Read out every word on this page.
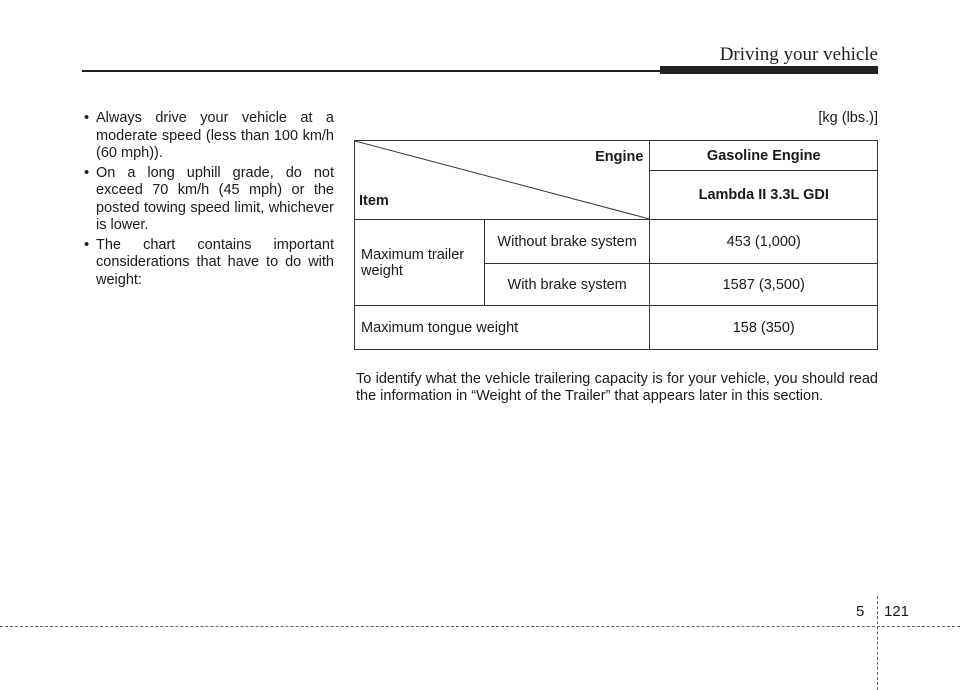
Driving your vehicle
• Always drive your vehicle at a moderate speed (less than 100 km/h (60 mph)).
• On a long uphill grade, do not exceed 70 km/h (45 mph) or the posted towing speed limit, whichever is lower.
• The chart contains important considerations that have to do with weight:
[kg (lbs.)]
Engine
Item		Gasoline Engine
		Lambda II 3.3L GDI
Maximum trailer weight	Without brake system	453 (1,000)
	With brake system	1587 (3,500)
Maximum tongue weight		158 (350)

To identify what the vehicle trailering capacity is for your vehicle, you should read the information in “Weight of the Trailer” that appears later in this section.

5 121
